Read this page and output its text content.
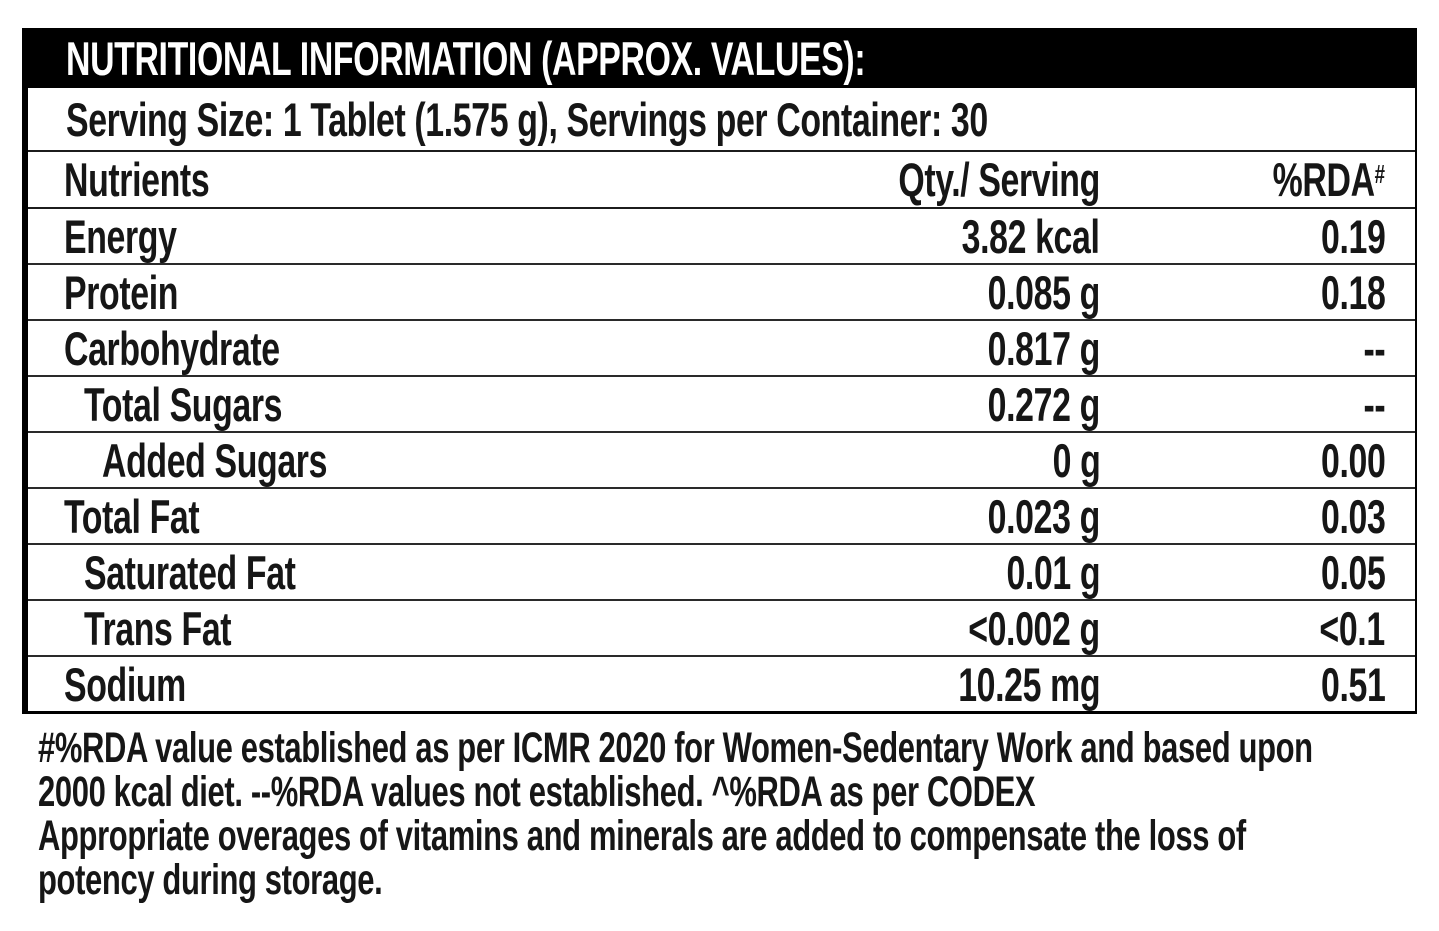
NUTRITIONAL INFORMATION (APPROX. VALUES):
Serving Size: 1 Tablet (1.575 g), Servings per Container: 30
Nutrients	Qty./ Serving	%RDA#
Energy	3.82 kcal	0.19
Protein	0.085 g	0.18
Carbohydrate	0.817 g	--
Total Sugars	0.272 g	--
Added Sugars	0 g	0.00
Total Fat	0.023 g	0.03
Saturated Fat	0.01 g	0.05
Trans Fat	<0.002 g	<0.1
Sodium	10.25 mg	0.51
#%RDA value established as per ICMR 2020 for Women-Sedentary Work and based upon
2000 kcal diet. --%RDA values not established. ^%RDA as per CODEX
Appropriate overages of vitamins and minerals are added to compensate the loss of
potency during storage.
